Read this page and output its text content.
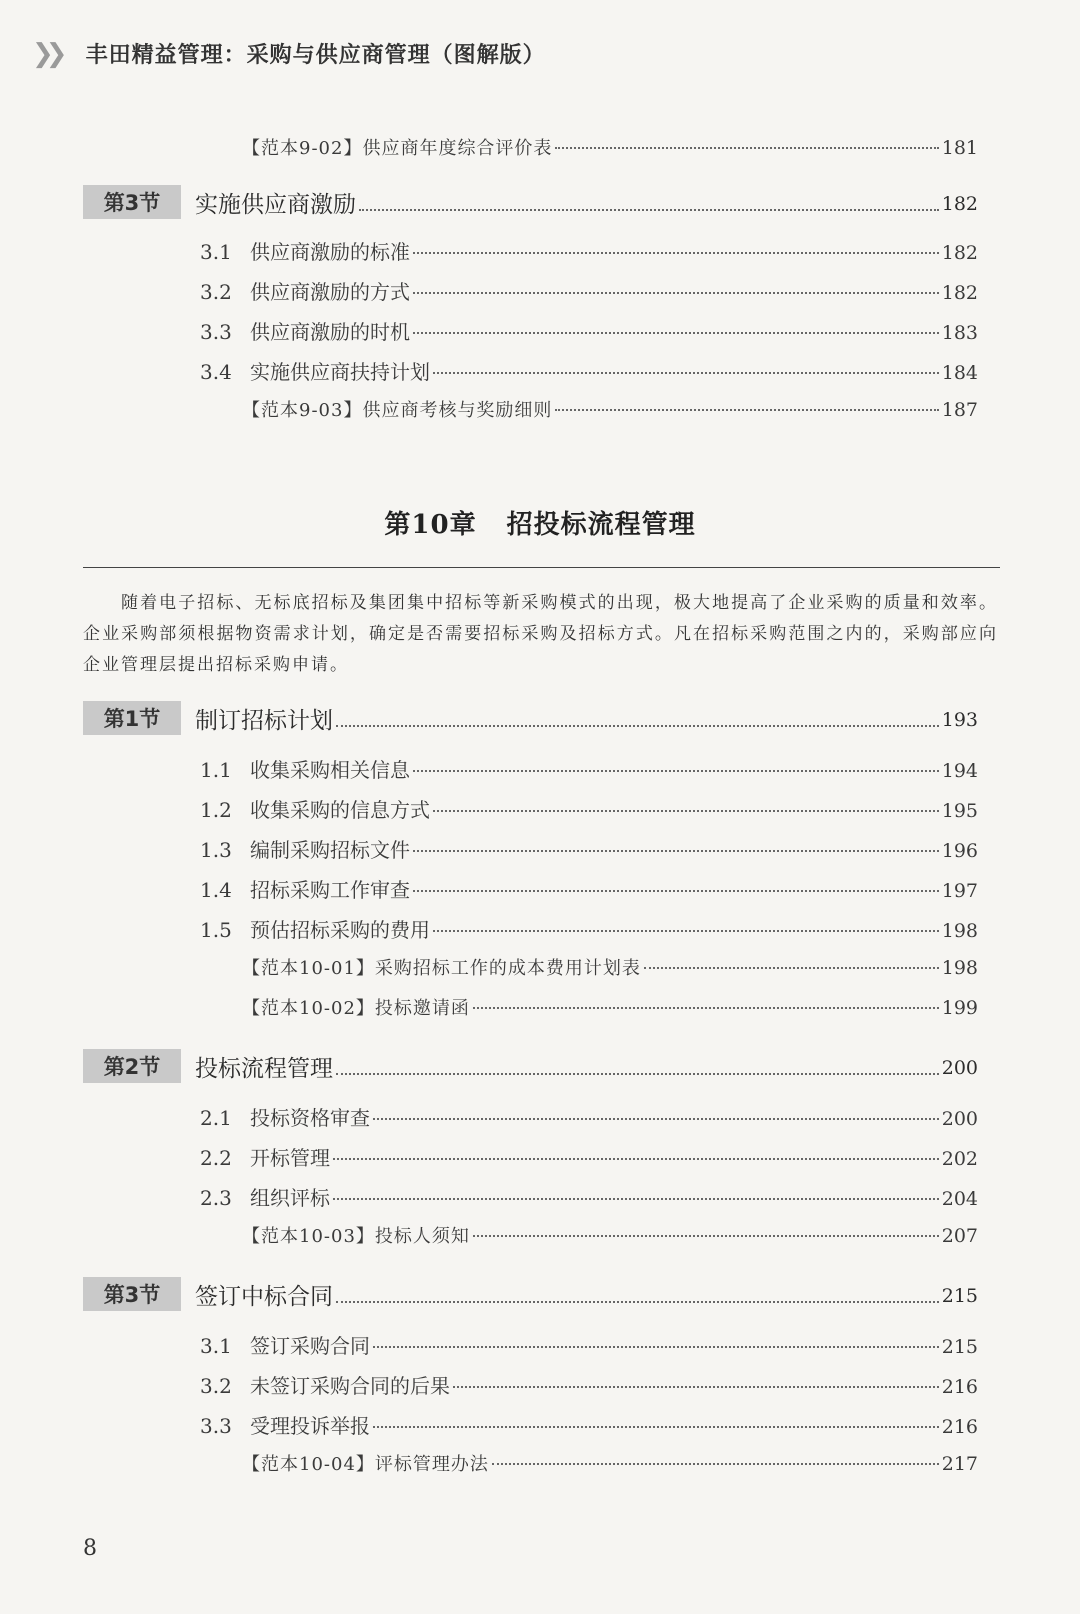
❯❯ 丰田精益管理：采购与供应商管理（图解版）
【范本9-02】供应商年度综合评价表	181
第3节	实施供应商激励	182
3.1 供应商激励的标准	182
3.2 供应商激励的方式	182
3.3 供应商激励的时机	183
3.4 实施供应商扶持计划	184
【范本9-03】供应商考核与奖励细则	187
第10章 招投标流程管理
随着电子招标、无标底招标及集团集中招标等新采购模式的出现，极大地提高了企业采购的质量和效率。企业采购部须根据物资需求计划，确定是否需要招标采购及招标方式。凡在招标采购范围之内的，采购部应向企业管理层提出招标采购申请。
第1节	制订招标计划	193
1.1 收集采购相关信息	194
1.2 收集采购的信息方式	195
1.3 编制采购招标文件	196
1.4 招标采购工作审查	197
1.5 预估招标采购的费用	198
【范本10-01】采购招标工作的成本费用计划表	198
【范本10-02】投标邀请函	199
第2节	投标流程管理	200
2.1 投标资格审查	200
2.2 开标管理	202
2.3 组织评标	204
【范本10-03】投标人须知	207
第3节	签订中标合同	215
3.1 签订采购合同	215
3.2 未签订采购合同的后果	216
3.3 受理投诉举报	216
【范本10-04】评标管理办法	217
8
